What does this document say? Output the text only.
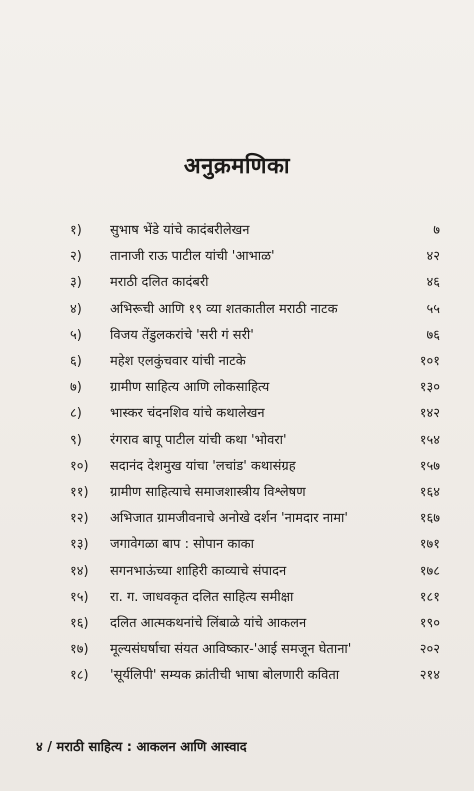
अनुक्रमणिका
१)	सुभाष भेंडे यांचे कादंबरीलेखन	७
२)	तानाजी राऊ पाटील यांची 'आभाळ'	४२
३)	मराठी दलित कादंबरी	४६
४)	अभिरूची आणि १९ व्या शतकातील मराठी नाटक	५५
५)	विजय तेंडुलकरांचे 'सरी गं सरी'	७६
६)	महेश एलकुंचवार यांची नाटके	१०१
७)	ग्रामीण साहित्य आणि लोकसाहित्य	१३०
८)	भास्कर चंदनशिव यांचे कथालेखन	१४२
९)	रंगराव बापू पाटील यांची कथा 'भोवरा'	१५४
१०)	सदानंद देशमुख यांचा 'लचांड' कथासंग्रह	१५७
११)	ग्रामीण साहित्याचे समाजशास्त्रीय विश्लेषण	१६४
१२)	अभिजात ग्रामजीवनाचे अनोखे दर्शन 'नामदार नामा'	१६७
१३)	जगावेगळा बाप : सोपान काका	१७१
१४)	सगनभाऊंच्या शाहिरी काव्याचे संपादन	१७८
१५)	रा. ग. जाधवकृत दलित साहित्य समीक्षा	१८१
१६)	दलित आत्मकथनांचे लिंबाळे यांचे आकलन	१९०
१७)	मूल्यसंघर्षाचा संयत आविष्कार-'आई समजून घेताना'	२०२
१८)	'सूर्यलिपी' सम्यक क्रांतीची भाषा बोलणारी कविता	२१४
४ / मराठी साहित्य : आकलन आणि आस्वाद
